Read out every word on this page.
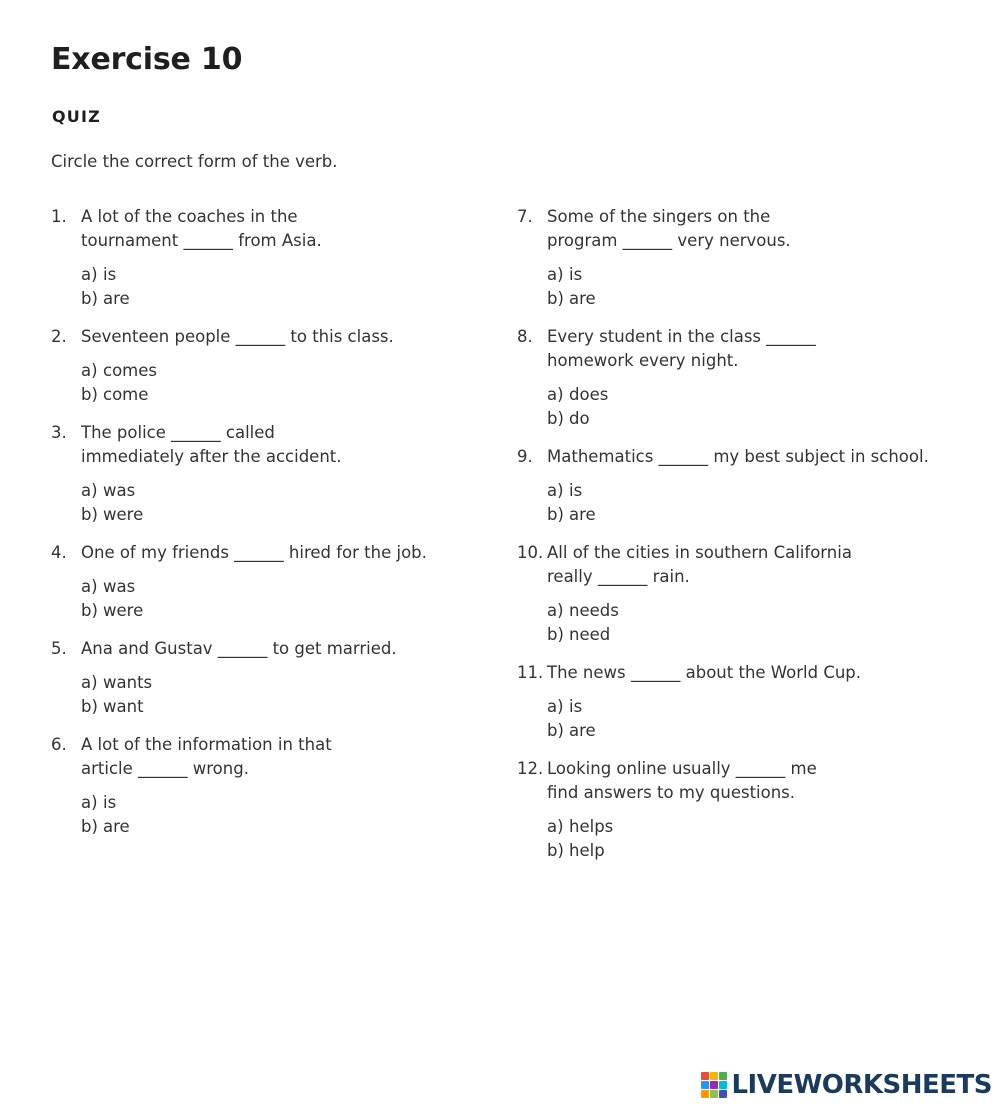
Exercise 10
QUIZ
Circle the correct form of the verb.
1. A lot of the coaches in the
tournament ______ from Asia.
a) is
b) are
2. Seventeen people ______ to this class.
a) comes
b) come
3. The police ______ called
immediately after the accident.
a) was
b) were
4. One of my friends ______ hired for the job.
a) was
b) were
5. Ana and Gustav ______ to get married.
a) wants
b) want
6. A lot of the information in that
article ______ wrong.
a) is
b) are
7. Some of the singers on the
program ______ very nervous.
a) is
b) are
8. Every student in the class ______
homework every night.
a) does
b) do
9. Mathematics ______ my best subject in school.
a) is
b) are
10. All of the cities in southern California
really ______ rain.
a) needs
b) need
11. The news ______ about the World Cup.
a) is
b) are
12. Looking online usually ______ me
find answers to my questions.
a) helps
b) help
LIVEWORKSHEETS
